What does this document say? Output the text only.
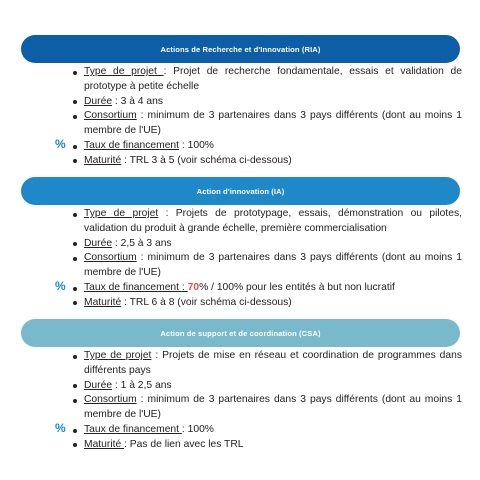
Actions de Recherche et d'Innovation (RIA)
Type de projet : Projet de recherche fondamentale, essais et validation de prototype à petite échelle
Durée : 3 à 4 ans
Consortium : minimum de 3 partenaires dans 3 pays différents (dont au moins 1 membre de l'UE)
Taux de financement : 100%
Maturité : TRL 3 à 5 (voir schéma ci-dessous)
%
Action d'innovation (IA)
Type de projet : Projets de prototypage, essais, démonstration ou pilotes, validation du produit à grande échelle, première commercialisation
Durée : 2,5 à 3 ans
Consortium : minimum de 3 partenaires dans 3 pays différents (dont au moins 1 membre de l'UE)
Taux de financement : 70% / 100% pour les entités à but non lucratif
Maturité : TRL 6 à 8 (voir schéma ci-dessous)
%
Action de support et de coordination (CSA)
Type de projet : Projets de mise en réseau et coordination de programmes dans différents pays
Durée : 1 à 2,5 ans
Consortium : minimum de 3 partenaires dans 3 pays différents (dont au moins 1 membre de l'UE)
Taux de financement : 100%
Maturité : Pas de lien avec les TRL
%
